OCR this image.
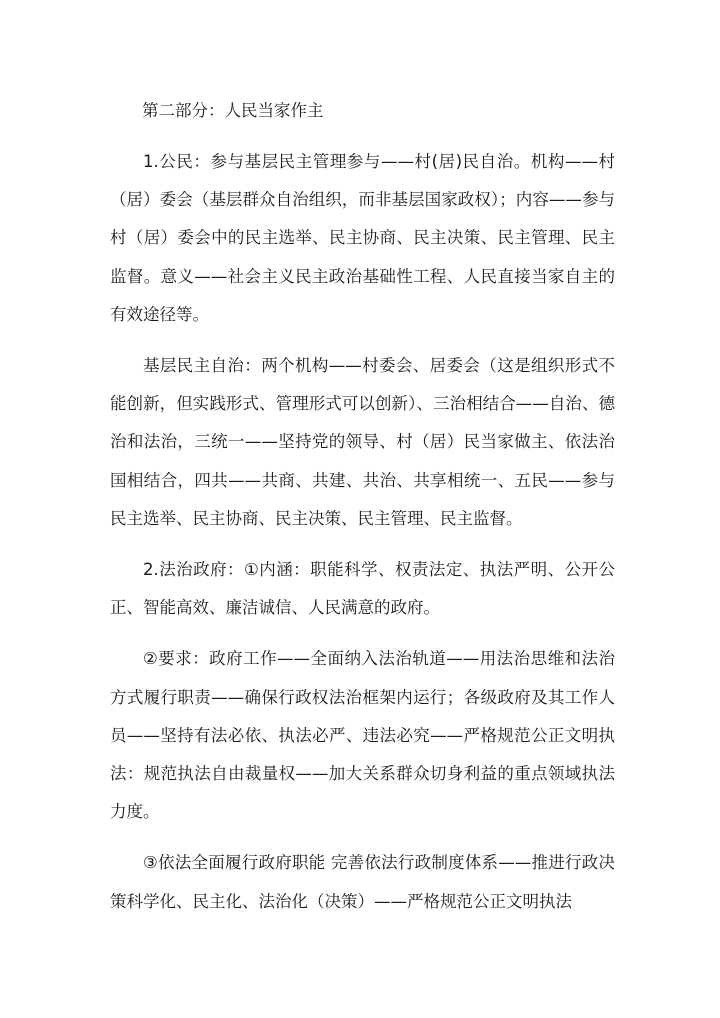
第二部分：人民当家作主

1.公民：参与基层民主管理参与——村(居)民自治。机构——村（居）委会（基层群众自治组织，而非基层国家政权）；内容——参与村（居）委会中的民主选举、民主协商、民主决策、民主管理、民主监督。意义——社会主义民主政治基础性工程、人民直接当家自主的有效途径等。

基层民主自治：两个机构——村委会、居委会（这是组织形式不能创新，但实践形式、管理形式可以创新）、三治相结合——自治、德治和法治，三统一——坚持党的领导、村（居）民当家做主、依法治国相结合，四共——共商、共建、共治、共享相统一、五民——参与民主选举、民主协商、民主决策、民主管理、民主监督。

2.法治政府：①内涵：职能科学、权责法定、执法严明、公开公正、智能高效、廉洁诚信、人民满意的政府。

②要求：政府工作——全面纳入法治轨道——用法治思维和法治方式履行职责——确保行政权法治框架内运行；各级政府及其工作人员——坚持有法必依、执法必严、违法必究——严格规范公正文明执法：规范执法自由裁量权——加大关系群众切身利益的重点领域执法力度。

③依法全面履行政府职能 完善依法行政制度体系——推进行政决策科学化、民主化、法治化（决策）——严格规范公正文明执法
